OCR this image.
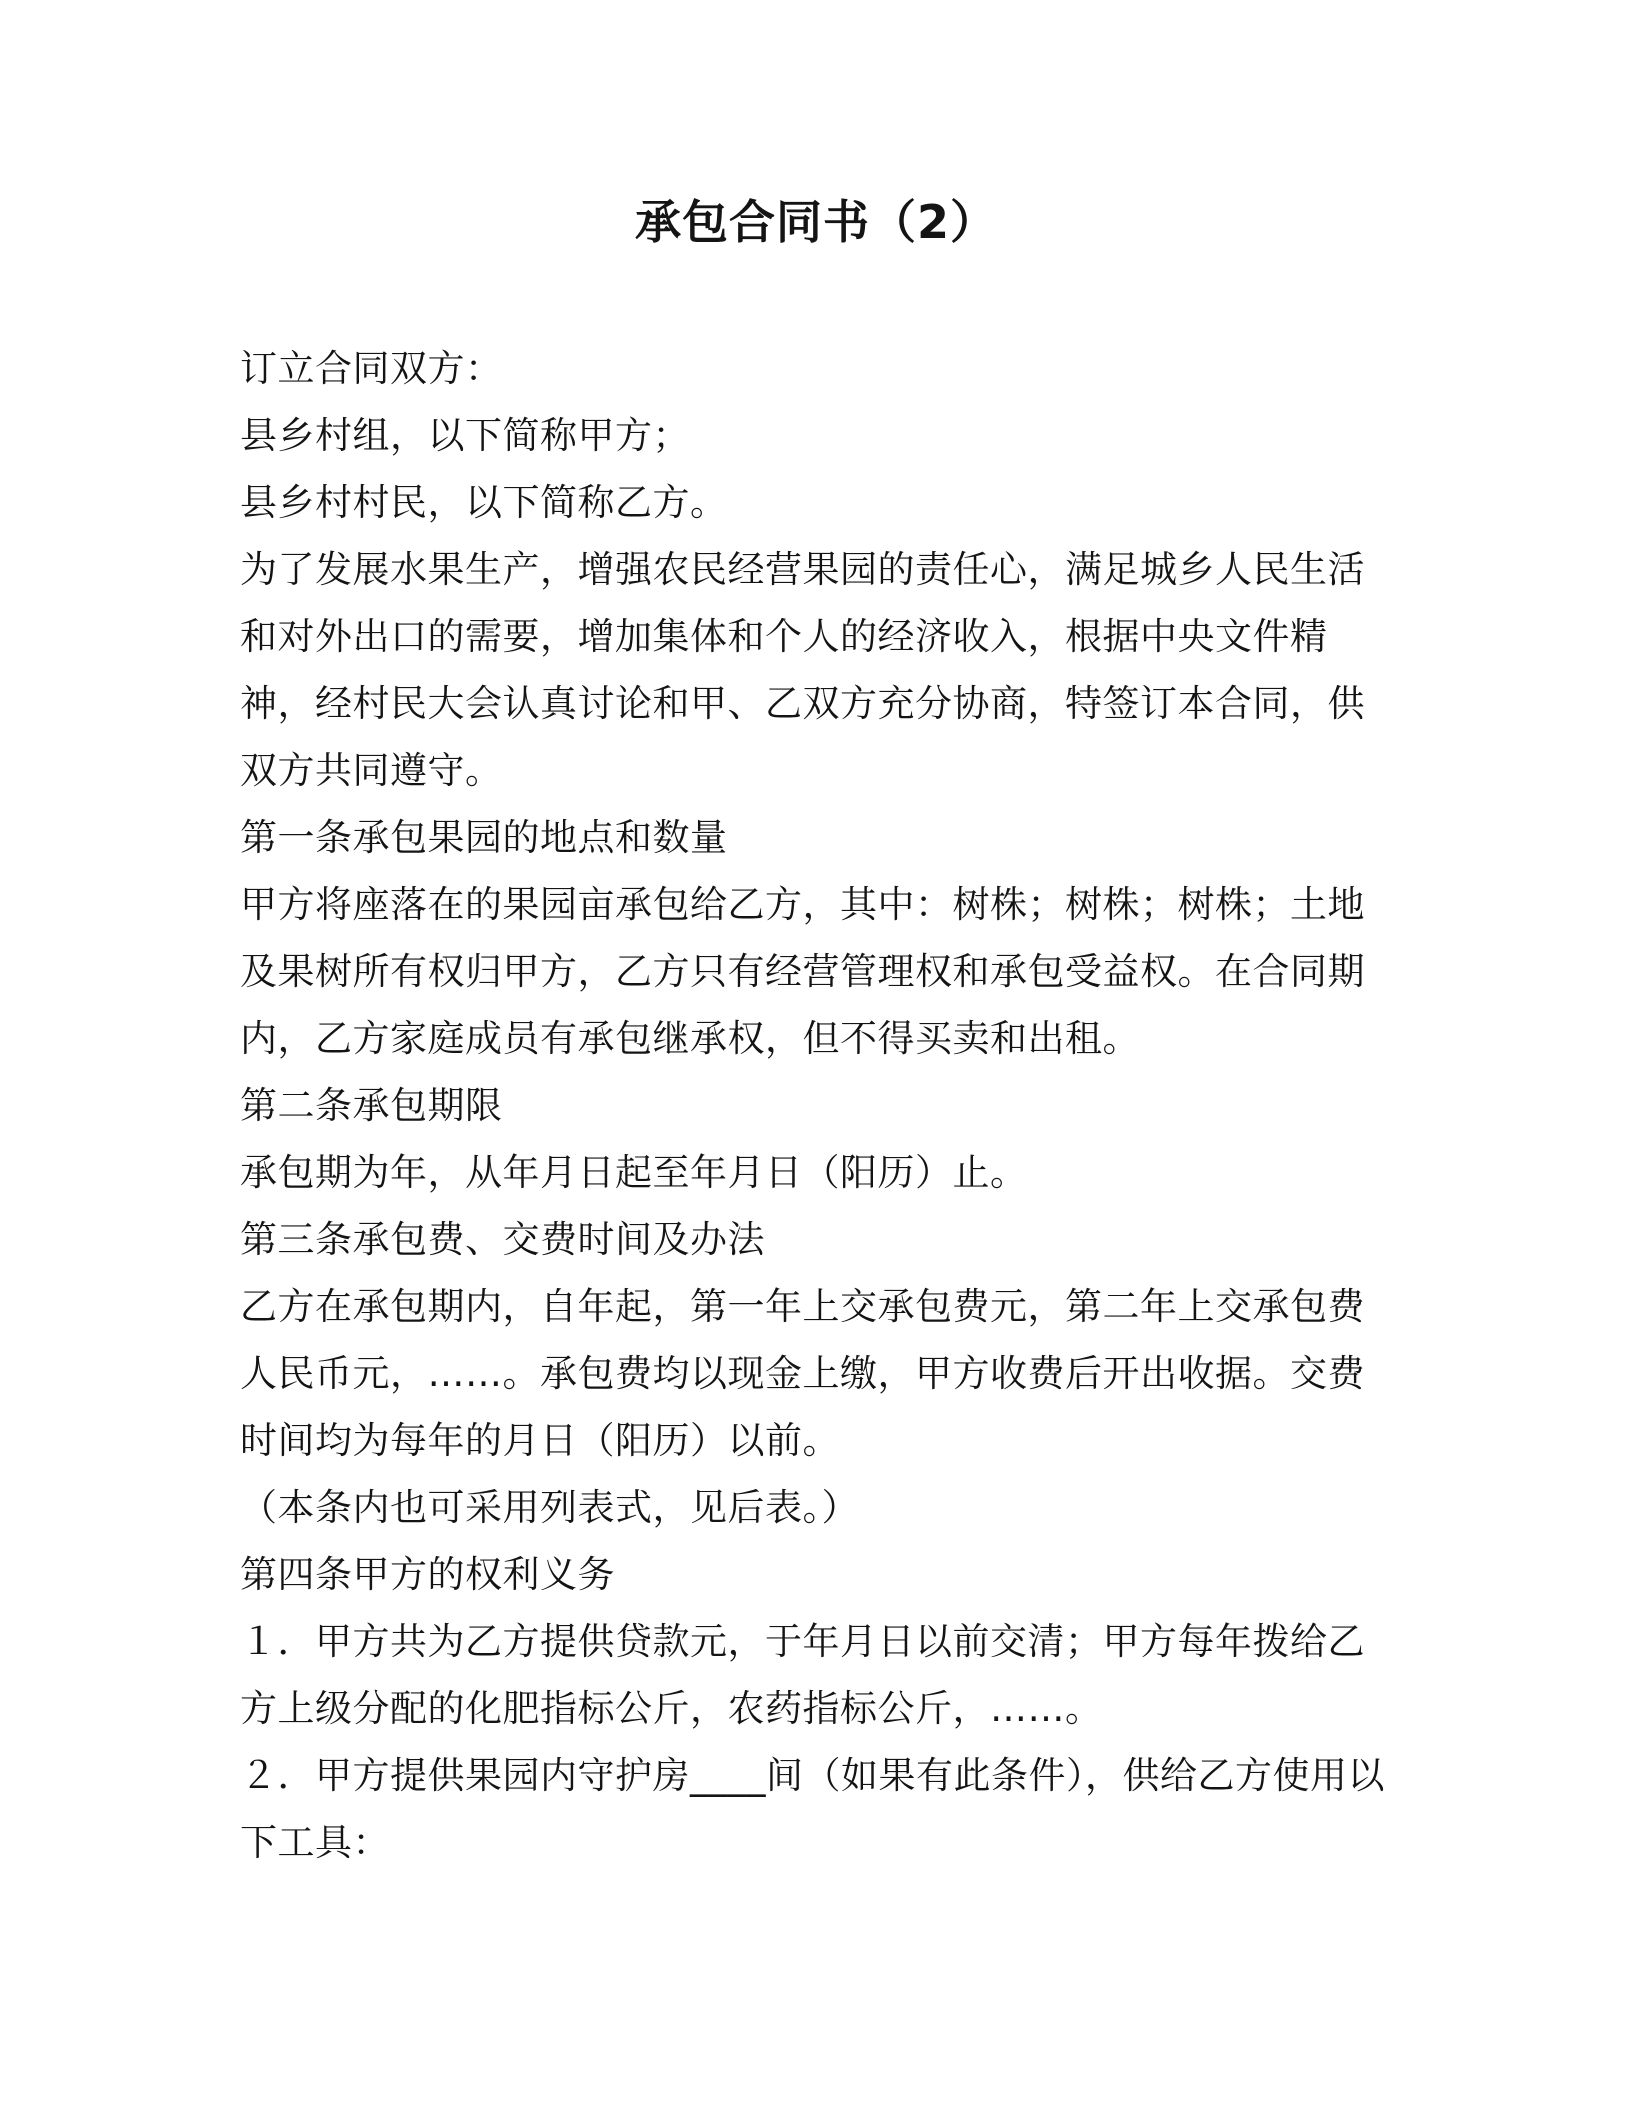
承包合同书（2）

订立合同双方：

县乡村组，以下简称甲方；

县乡村村民，以下简称乙方。

为了发展水果生产，增强农民经营果园的责任心，满足城乡人民生活和对外出口的需要，增加集体和个人的经济收入，根据中央文件精神，经村民大会认真讨论和甲、乙双方充分协商，特签订本合同，供双方共同遵守。

第一条承包果园的地点和数量

甲方将座落在的果园亩承包给乙方，其中：树株；树株；树株；土地及果树所有权归甲方，乙方只有经营管理权和承包受益权。在合同期内，乙方家庭成员有承包继承权，但不得买卖和出租。

第二条承包期限

承包期为年，从年月日起至年月日（阳历）止。

第三条承包费、交费时间及办法

乙方在承包期内，自年起，第一年上交承包费元，第二年上交承包费人民币元，……。承包费均以现金上缴，甲方收费后开出收据。交费时间均为每年的月日（阳历）以前。

（本条内也可采用列表式，见后表。）

第四条甲方的权利义务

１．甲方共为乙方提供贷款元，于年月日以前交清；甲方每年拨给乙方上级分配的化肥指标公斤，农药指标公斤，……。

２．甲方提供果园内守护房____间（如果有此条件），供给乙方使用以下工具：
